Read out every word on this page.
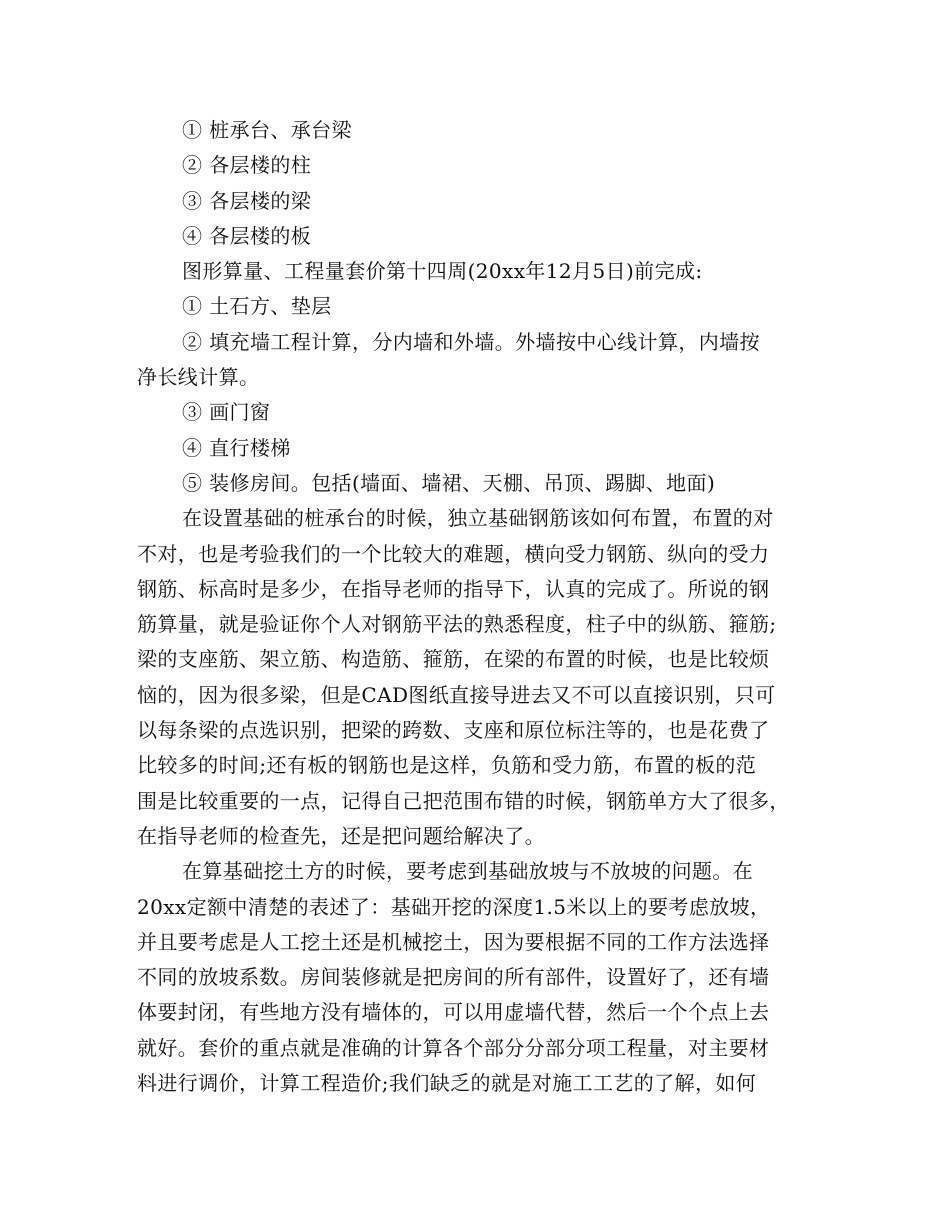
① 桩承台、承台梁
② 各层楼的柱
③ 各层楼的梁
④ 各层楼的板
图形算量、工程量套价第十四周(20xx年12月5日)前完成:
① 土石方、垫层
② 填充墙工程计算，分内墙和外墙。外墙按中心线计算，内墙按
净长线计算。
③ 画门窗
④ 直行楼梯
⑤ 装修房间。包括(墙面、墙裙、天棚、吊顶、踢脚、地面)
在设置基础的桩承台的时候，独立基础钢筋该如何布置，布置的对
不对，也是考验我们的一个比较大的难题，横向受力钢筋、纵向的受力
钢筋、标高时是多少，在指导老师的指导下，认真的完成了。所说的钢
筋算量，就是验证你个人对钢筋平法的熟悉程度，柱子中的纵筋、箍筋;
梁的支座筋、架立筋、构造筋、箍筋，在梁的布置的时候，也是比较烦
恼的，因为很多梁，但是CAD图纸直接导进去又不可以直接识别，只可
以每条梁的点选识别，把梁的跨数、支座和原位标注等的，也是花费了
比较多的时间;还有板的钢筋也是这样，负筋和受力筋，布置的板的范
围是比较重要的一点，记得自己把范围布错的时候，钢筋单方大了很多，
在指导老师的检查先，还是把问题给解决了。
在算基础挖土方的时候，要考虑到基础放坡与不放坡的问题。在
20xx定额中清楚的表述了：基础开挖的深度1.5米以上的要考虑放坡，
并且要考虑是人工挖土还是机械挖土，因为要根据不同的工作方法选择
不同的放坡系数。房间装修就是把房间的所有部件，设置好了，还有墙
体要封闭，有些地方没有墙体的，可以用虚墙代替，然后一个个点上去
就好。套价的重点就是准确的计算各个部分分部分项工程量，对主要材
料进行调价，计算工程造价;我们缺乏的就是对施工工艺的了解，如何
